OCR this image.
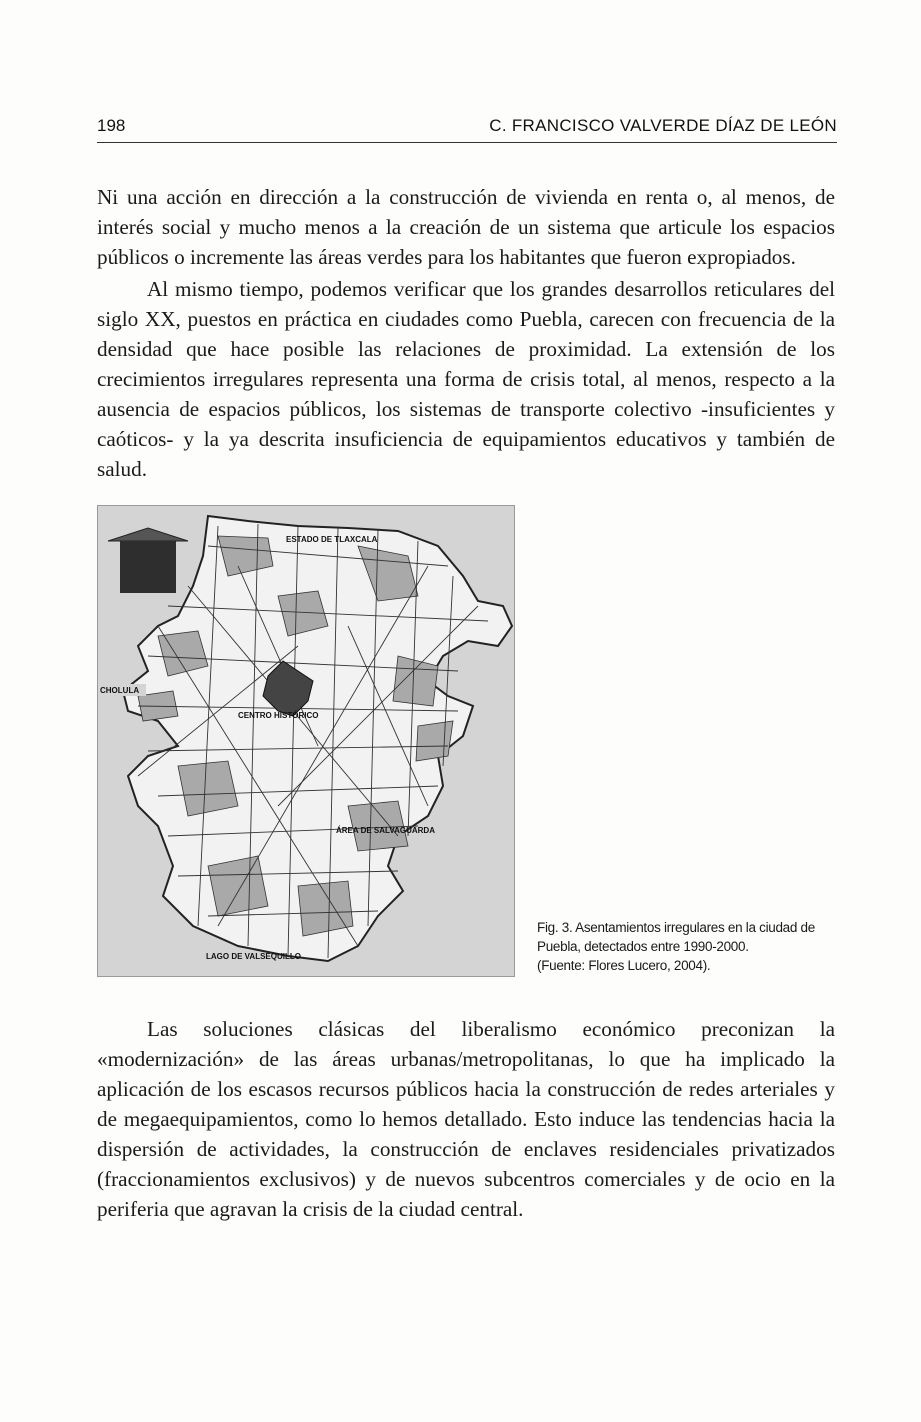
198	C. FRANCISCO VALVERDE DÍAZ DE LEÓN

Ni una acción en dirección a la construcción de vivienda en renta o, al menos, de interés social y mucho menos a la creación de un sistema que articule los espacios públicos o incremente las áreas verdes para los habitantes que fueron expropiados.

Al mismo tiempo, podemos verificar que los grandes desarrollos reticulares del siglo XX, puestos en práctica en ciudades como Puebla, carecen con frecuencia de la densidad que hace posible las relaciones de proximidad. La extensión de los crecimientos irregulares representa una forma de crisis total, al menos, respecto a la ausencia de espacios públicos, los sistemas de transporte colectivo -insuficientes y caóticos- y la ya descrita insuficiencia de equipamientos educativos y también de salud.

ESTADO DE TLAXCALA
CHOLULA
CENTRO HISTÓRICO
ÁREA DE SALVAGUARDA
LAGO DE VALSEQUILLO
Fig. 3. Asentamientos irregulares en la ciudad de
Puebla, detectados entre 1990-2000.
(Fuente: Flores Lucero, 2004).

Las soluciones clásicas del liberalismo económico preconizan la «modernización» de las áreas urbanas/metropolitanas, lo que ha implicado la aplicación de los escasos recursos públicos hacia la construcción de redes arteriales y de megaequipamientos, como lo hemos detallado. Esto induce las tendencias hacia la dispersión de actividades, la construcción de enclaves residenciales privatizados (fraccionamientos exclusivos) y de nuevos subcentros comerciales y de ocio en la periferia que agravan la crisis de la ciudad central.
